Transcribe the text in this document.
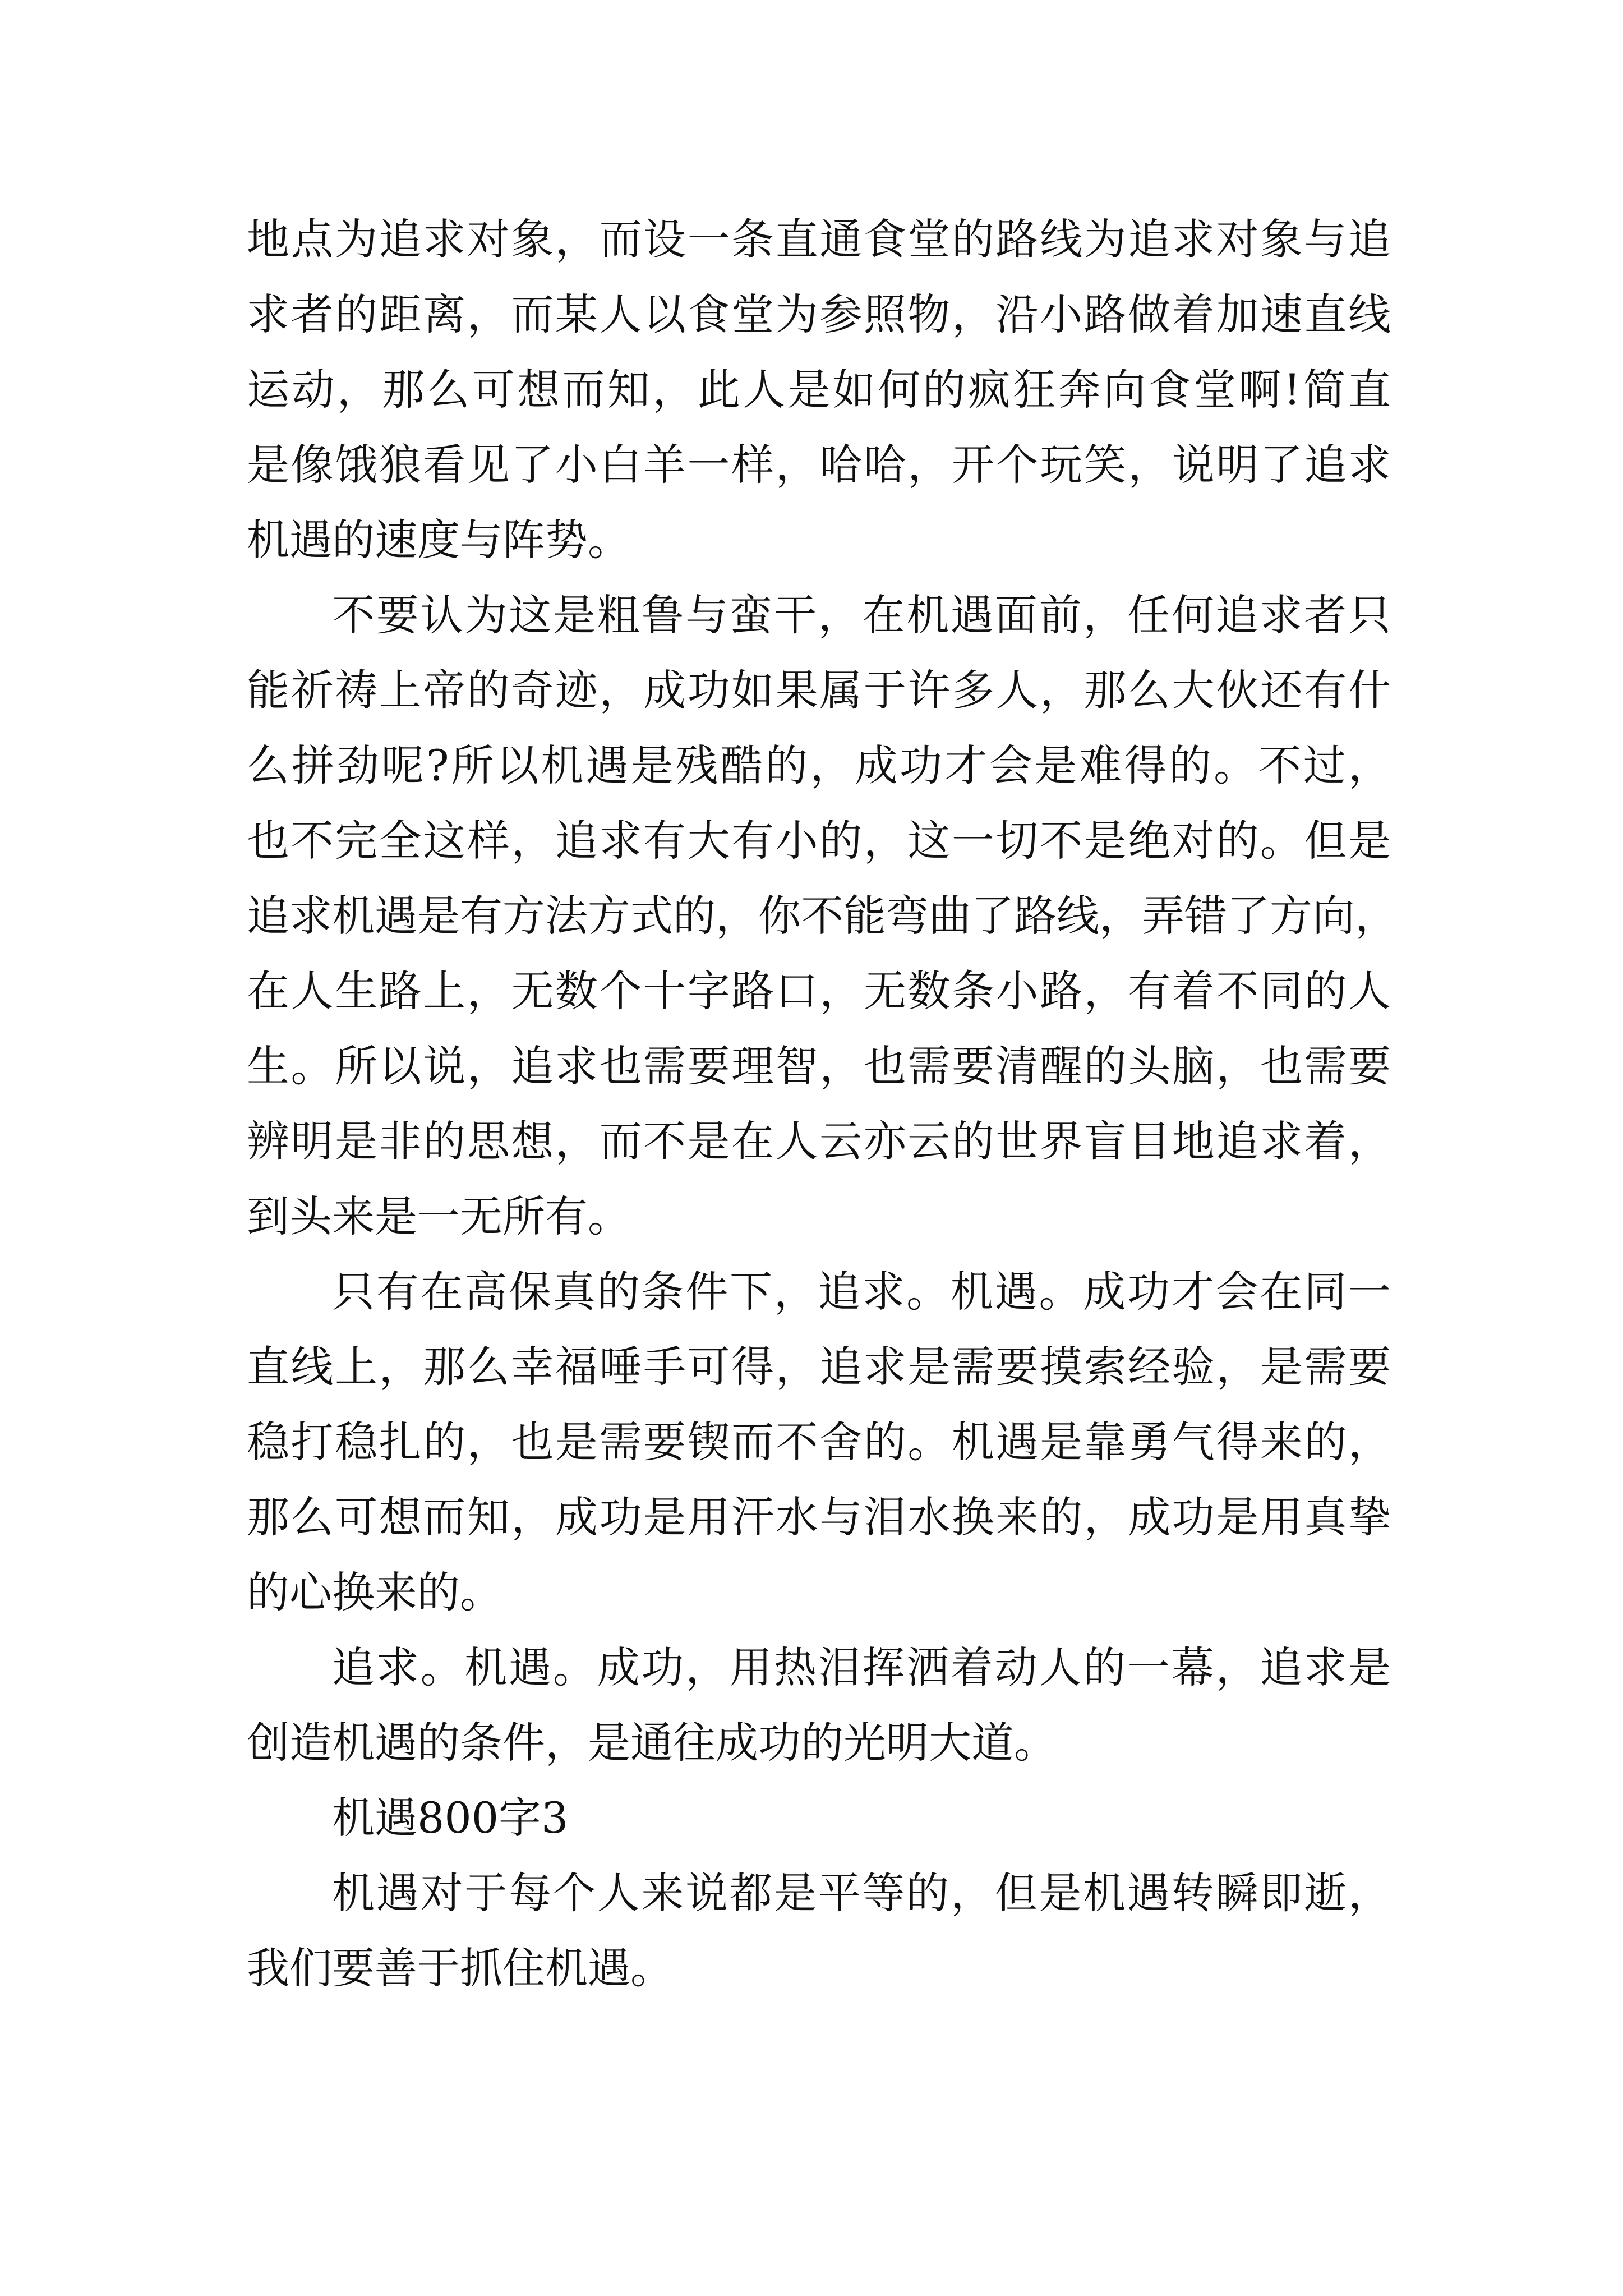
地点为追求对象，而设一条直通食堂的路线为追求对象与追
求者的距离，而某人以食堂为参照物，沿小路做着加速直线
运动，那么可想而知，此人是如何的疯狂奔向食堂啊!简直
是像饿狼看见了小白羊一样，哈哈，开个玩笑，说明了追求
机遇的速度与阵势。
不要认为这是粗鲁与蛮干，在机遇面前，任何追求者只
能祈祷上帝的奇迹，成功如果属于许多人，那么大伙还有什
么拼劲呢?所以机遇是残酷的，成功才会是难得的。不过，
也不完全这样，追求有大有小的，这一切不是绝对的。但是
追求机遇是有方法方式的，你不能弯曲了路线，弄错了方向，
在人生路上，无数个十字路口，无数条小路，有着不同的人
生。所以说，追求也需要理智，也需要清醒的头脑，也需要
辨明是非的思想，而不是在人云亦云的世界盲目地追求着，
到头来是一无所有。
只有在高保真的条件下，追求。机遇。成功才会在同一
直线上，那么幸福唾手可得，追求是需要摸索经验，是需要
稳打稳扎的，也是需要锲而不舍的。机遇是靠勇气得来的，
那么可想而知，成功是用汗水与泪水换来的，成功是用真挚
的心换来的。
追求。机遇。成功，用热泪挥洒着动人的一幕，追求是
创造机遇的条件，是通往成功的光明大道。
机遇800字3
机遇对于每个人来说都是平等的，但是机遇转瞬即逝，
我们要善于抓住机遇。
